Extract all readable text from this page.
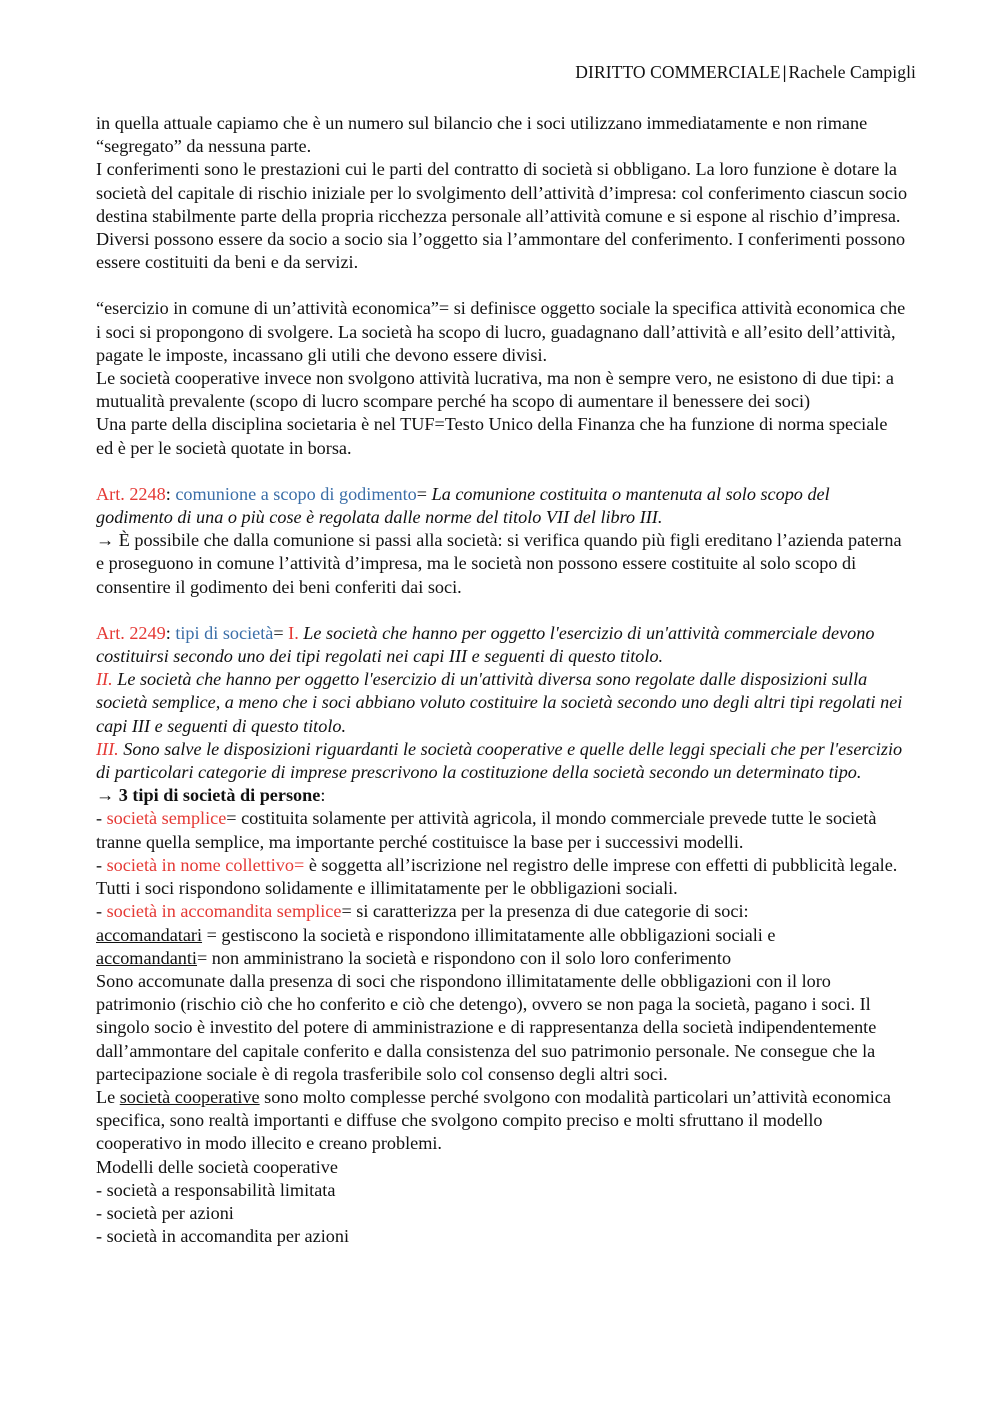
DIRITTO COMMERCIALE | Rachele Campigli

in quella attuale capiamo che è un numero sul bilancio che i soci utilizzano immediatamente e non rimane “segregato” da nessuna parte.

I conferimenti sono le prestazioni cui le parti del contratto di società si obbligano. La loro funzione è dotare la società del capitale di rischio iniziale per lo svolgimento dell’attività d’impresa: col conferimento ciascun socio destina stabilmente parte della propria ricchezza personale all’attività comune e si espone al rischio d’impresa. Diversi possono essere da socio a socio sia l’oggetto sia l’ammontare del conferimento. I conferimenti possono essere costituiti da beni e da servizi.

“esercizio in comune di un’attività economica”= si definisce oggetto sociale la specifica attività economica che i soci si propongono di svolgere. La società ha scopo di lucro, guadagnano dall’attività e all’esito dell’attività, pagate le imposte, incassano gli utili che devono essere divisi.

Le società cooperative invece non svolgono attività lucrativa, ma non è sempre vero, ne esistono di due tipi: a mutualità prevalente (scopo di lucro scompare perché ha scopo di aumentare il benessere dei soci)

Una parte della disciplina societaria è nel TUF=Testo Unico della Finanza che ha funzione di norma speciale ed è per le società quotate in borsa.

Art. 2248: comunione a scopo di godimento= La comunione costituita o mantenuta al solo scopo del godimento di una o più cose è regolata dalle norme del titolo VII del libro III.

→ È possibile che dalla comunione si passi alla società: si verifica quando più figli ereditano l’azienda paterna e proseguono in comune l’attività d’impresa, ma le società non possono essere costituite al solo scopo di consentire il godimento dei beni conferiti dai soci.

Art. 2249: tipi di società= I. Le società che hanno per oggetto l'esercizio di un'attività commerciale devono costituirsi secondo uno dei tipi regolati nei capi III e seguenti di questo titolo.

II. Le società che hanno per oggetto l'esercizio di un'attività diversa sono regolate dalle disposizioni sulla società semplice, a meno che i soci abbiano voluto costituire la società secondo uno degli altri tipi regolati nei capi III e seguenti di questo titolo.

III. Sono salve le disposizioni riguardanti le società cooperative e quelle delle leggi speciali che per l'esercizio di particolari categorie di imprese prescrivono la costituzione della società secondo un determinato tipo.

→ 3 tipi di società di persone:

- società semplice= costituita solamente per attività agricola, il mondo commerciale prevede tutte le società tranne quella semplice, ma importante perché costituisce la base per i successivi modelli.

- società in nome collettivo= è soggetta all’iscrizione nel registro delle imprese con effetti di pubblicità legale. Tutti i soci rispondono solidamente e illimitatamente per le obbligazioni sociali.

- società in accomandita semplice= si caratterizza per la presenza di due categorie di soci:

accomandatari = gestiscono la società e rispondono illimitatamente alle obbligazioni sociali e

accomandanti= non amministrano la società e rispondono con il solo loro conferimento

Sono accomunate dalla presenza di soci che rispondono illimitatamente delle obbligazioni con il loro patrimonio (rischio ciò che ho conferito e ciò che detengo), ovvero se non paga la società, pagano i soci. Il singolo socio è investito del potere di amministrazione e di rappresentanza della società indipendentemente dall’ammontare del capitale conferito e dalla consistenza del suo patrimonio personale. Ne consegue che la partecipazione sociale è di regola trasferibile solo col consenso degli altri soci.

Le società cooperative sono molto complesse perché svolgono con modalità particolari un’attività economica specifica, sono realtà importanti e diffuse che svolgono compito preciso e molti sfruttano il modello cooperativo in modo illecito e creano problemi.

Modelli delle società cooperative

- società a responsabilità limitata

- società per azioni

- società in accomandita per azioni
